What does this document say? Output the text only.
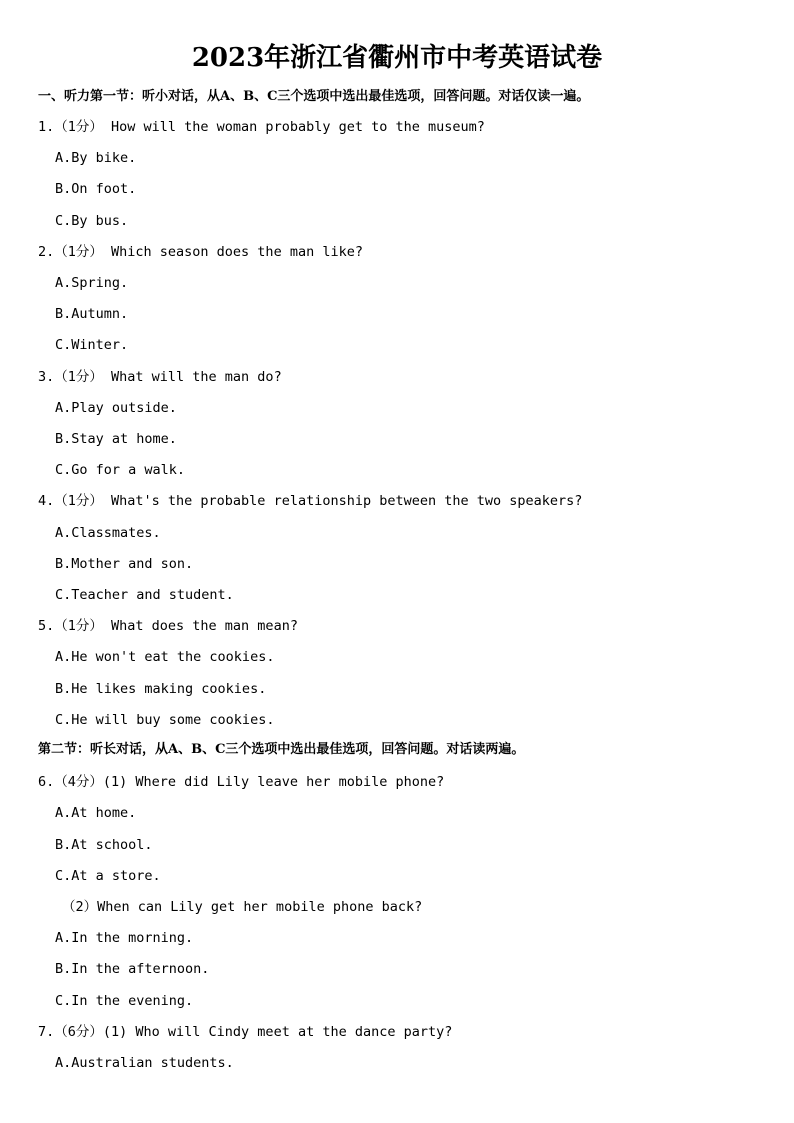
2023年浙江省衢州市中考英语试卷
一、听力第一节：听小对话，从A、B、C三个选项中选出最佳选项，回答问题。对话仅读一遍。
1.（1分） How will the woman probably get to the museum?
A.By bike.
B.On foot.
C.By bus.
2.（1分） Which season does the man like?
A.Spring.
B.Autumn.
C.Winter.
3.（1分） What will the man do?
A.Play outside.
B.Stay at home.
C.Go for a walk.
4.（1分） What's the probable relationship between the two speakers?
A.Classmates.
B.Mother and son.
C.Teacher and student.
5.（1分） What does the man mean?
A.He won't eat the cookies.
B.He likes making cookies.
C.He will buy some cookies.
第二节：听长对话，从A、B、C三个选项中选出最佳选项，回答问题。对话读两遍。
6.（4分）(1) Where did Lily leave her mobile phone?
A.At home.
B.At school.
C.At a store.
（2）When can Lily get her mobile phone back?
A.In the morning.
B.In the afternoon.
C.In the evening.
7.（6分）(1) Who will Cindy meet at the dance party?
A.Australian students.
